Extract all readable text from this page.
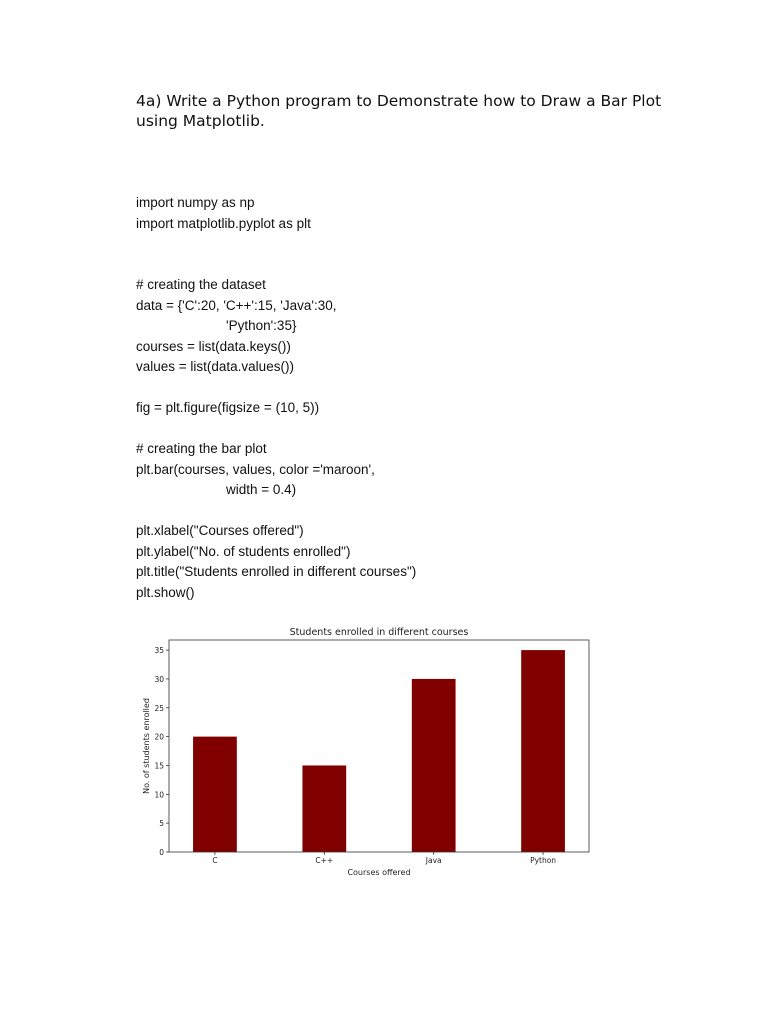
4a) Write a Python program to Demonstrate how to Draw a Bar Plot using Matplotlib.
import numpy as np
import matplotlib.pyplot as plt
# creating the dataset
data = {'C':20, 'C++':15, 'Java':30,
'Python':35}
courses = list(data.keys())
values = list(data.values())
fig = plt.figure(figsize = (10, 5))
# creating the bar plot
plt.bar(courses, values, color ='maroon',
width = 0.4)
plt.xlabel("Courses offered")
plt.ylabel("No. of students enrolled")
plt.title("Students enrolled in different courses")
plt.show()
Students enrolled in different courses
Courses offered
No. of students enrolled
0
5
10
15
20
25
30
35
C	C++	Java	Python
